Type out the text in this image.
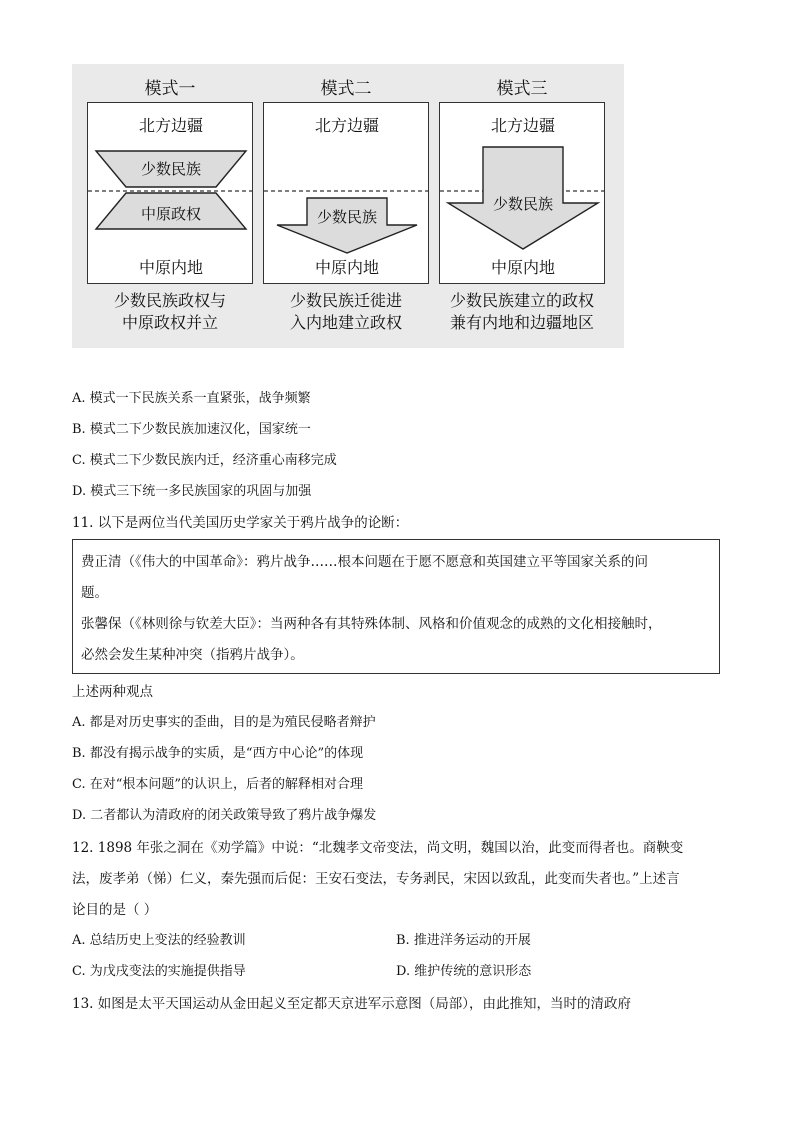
模式一
北方边疆
少数民族
中原政权
中原内地
少数民族政权与
中原政权并立
模式二
北方边疆
少数民族
中原内地
少数民族迁徙进
入内地建立政权
模式三
北方边疆
少数民族
中原内地
少数民族建立的政权
兼有内地和边疆地区
A. 模式一下民族关系一直紧张，战争频繁
B. 模式二下少数民族加速汉化，国家统一
C. 模式二下少数民族内迁，经济重心南移完成
D. 模式三下统一多民族国家的巩固与加强
11. 以下是两位当代美国历史学家关于鸦片战争的论断：
费正清（《伟大的中国革命》：鸦片战争……根本问题在于愿不愿意和英国建立平等国家关系的问
题。
张馨保（《林则徐与钦差大臣》：当两种各有其特殊体制、风格和价值观念的成熟的文化相接触时，
必然会发生某种冲突（指鸦片战争）。
上述两种观点
A. 都是对历史事实的歪曲，目的是为殖民侵略者辩护
B. 都没有揭示战争的实质，是“西方中心论”的体现
C. 在对“根本问题”的认识上，后者的解释相对合理
D. 二者都认为清政府的闭关政策导致了鸦片战争爆发
12. 1898 年张之洞在《劝学篇》中说：“北魏孝文帝变法，尚文明，魏国以治，此变而得者也。商鞅变
法，废孝弟（悌）仁义，秦先强而后促：王安石变法，专务剥民，宋因以致乱，此变而失者也。”上述言
论目的是（ ）
A. 总结历史上变法的经验教训	B. 推进洋务运动的开展
C. 为戊戌变法的实施提供指导	D. 维护传统的意识形态
13. 如图是太平天国运动从金田起义至定都天京进军示意图（局部），由此推知，当时的清政府
